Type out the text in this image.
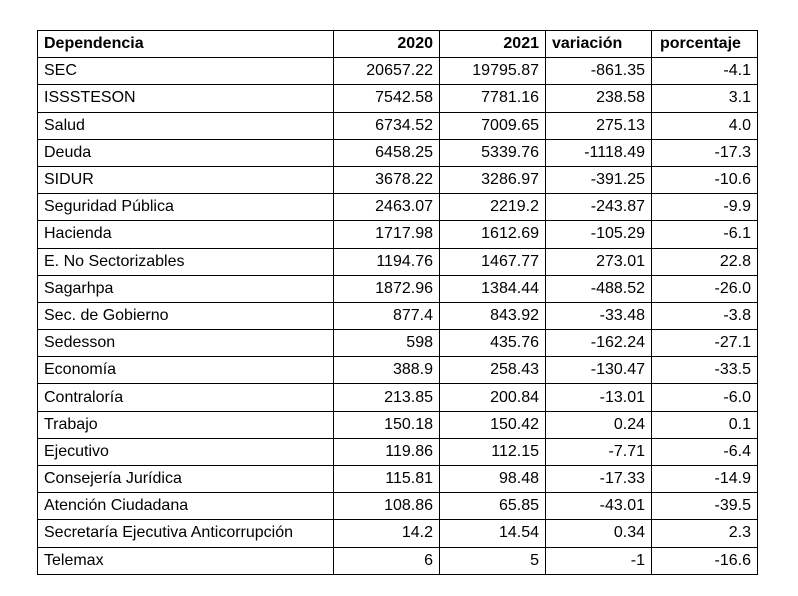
Dependencia	2020	2021	variación	porcentaje
SEC	20657.22	19795.87	-861.35	-4.1
ISSSTESON	7542.58	7781.16	238.58	3.1
Salud	6734.52	7009.65	275.13	4.0
Deuda	6458.25	5339.76	-1118.49	-17.3
SIDUR	3678.22	3286.97	-391.25	-10.6
Seguridad Pública	2463.07	2219.2	-243.87	-9.9
Hacienda	1717.98	1612.69	-105.29	-6.1
E. No Sectorizables	1194.76	1467.77	273.01	22.8
Sagarhpa	1872.96	1384.44	-488.52	-26.0
Sec. de Gobierno	877.4	843.92	-33.48	-3.8
Sedesson	598	435.76	-162.24	-27.1
Economía	388.9	258.43	-130.47	-33.5
Contraloría	213.85	200.84	-13.01	-6.0
Trabajo	150.18	150.42	0.24	0.1
Ejecutivo	119.86	112.15	-7.71	-6.4
Consejería Jurídica	115.81	98.48	-17.33	-14.9
Atención Ciudadana	108.86	65.85	-43.01	-39.5
Secretaría Ejecutiva Anticorrupción	14.2	14.54	0.34	2.3
Telemax	6	5	-1	-16.6
